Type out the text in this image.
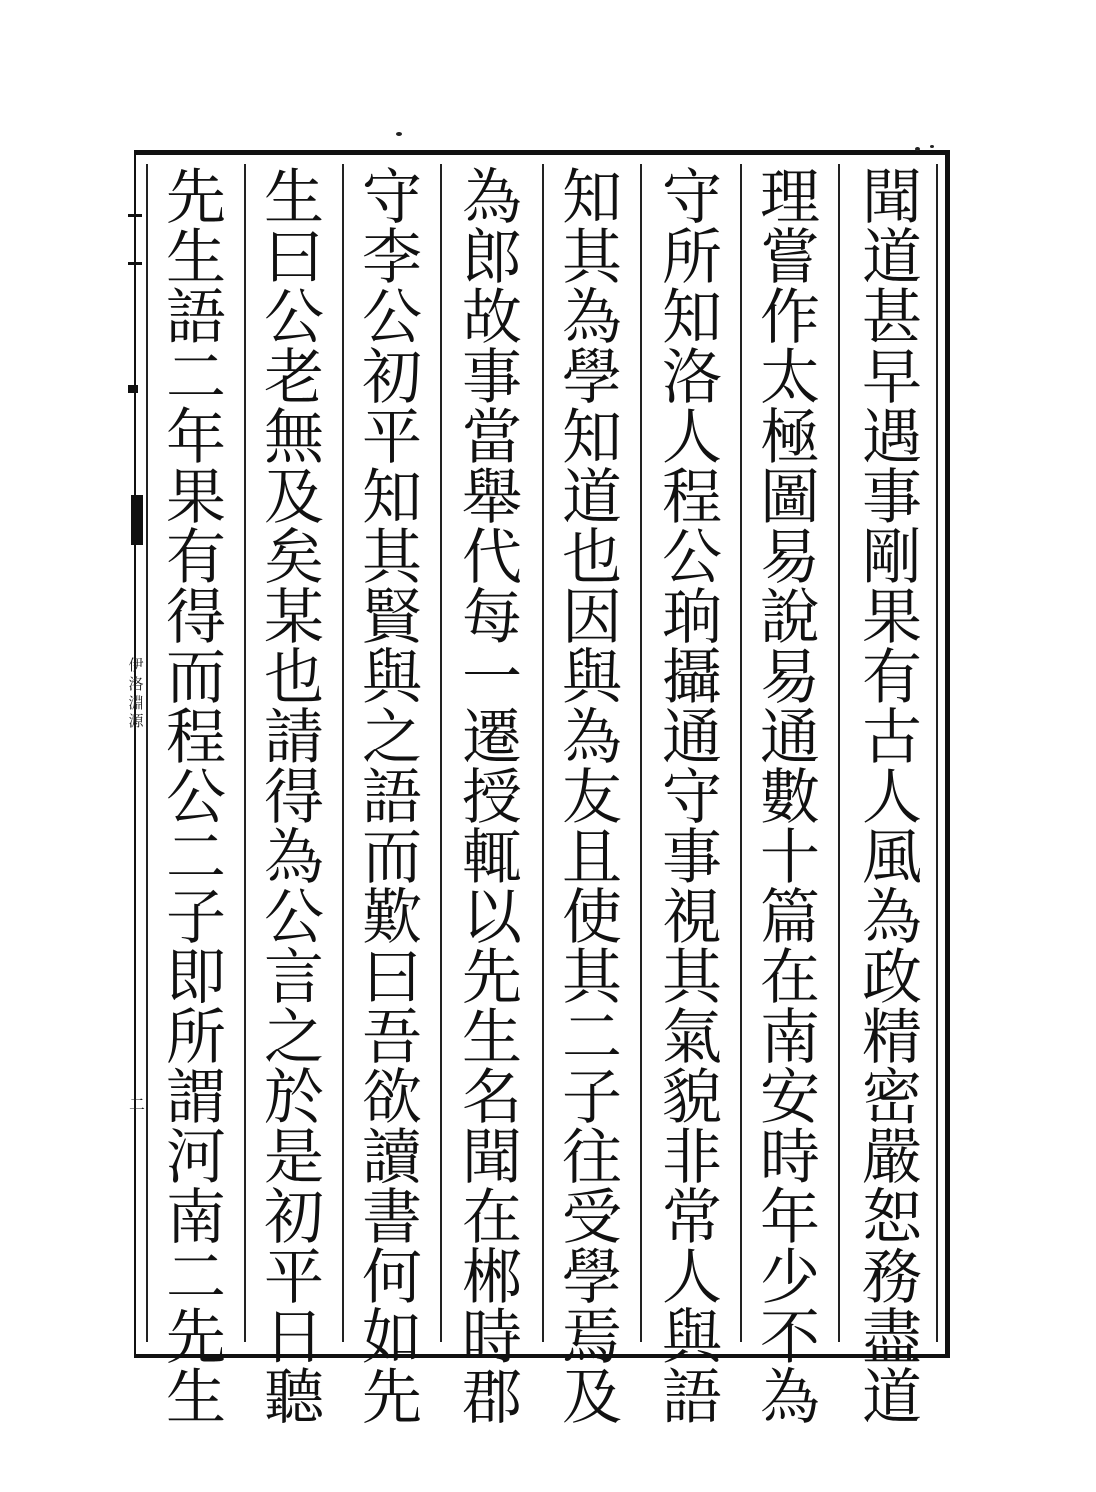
伊
洛
淵
源
二
聞
道
甚
早
遇
事
剛
果
有
古
人
風
為
政
精
密
嚴
恕
務
盡
道
理
嘗
作
太
極
圖
易
說
易
通
數
十
篇
在
南
安
時
年
少
不
為
守
所
知
洛
人
程
公
珦
攝
通
守
事
視
其
氣
貌
非
常
人
與
語
知
其
為
學
知
道
也
因
與
為
友
且
使
其
二
子
往
受
學
焉
及
為
郎
故
事
當
舉
代
每
一
遷
授
輒
以
先
生
名
聞
在
郴
時
郡
守
李
公
初
平
知
其
賢
與
之
語
而
歎
曰
吾
欲
讀
書
何
如
先
生
曰
公
老
無
及
矣
某
也
請
得
為
公
言
之
於
是
初
平
日
聽
先
生
語
二
年
果
有
得
而
程
公
二
子
即
所
謂
河
南
二
先
生
